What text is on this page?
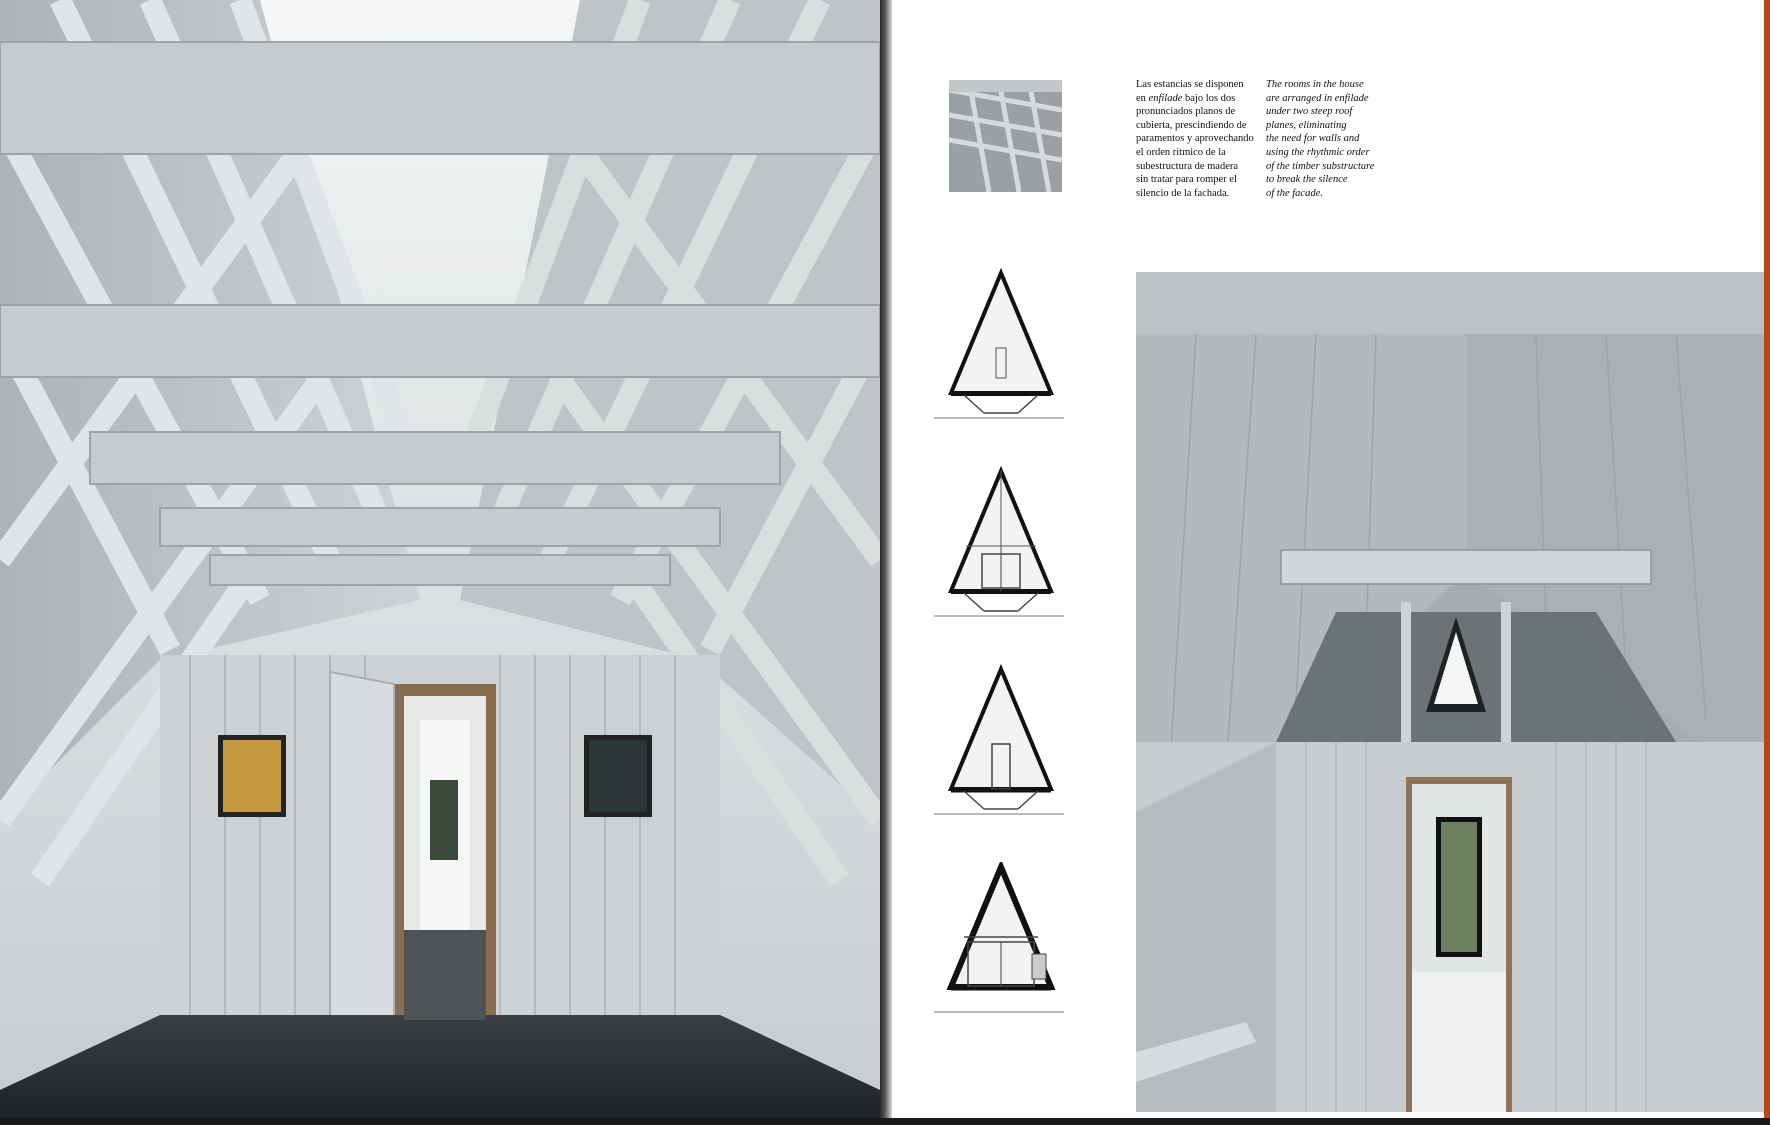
Las estancias se disponen
en enfilade bajo los dos
pronunciados planos de
cubierta, prescindiendo de
paramentos y aprovechando
el orden rítmico de la
subestructura de madera
sin tratar para romper el
silencio de la fachada.
The rooms in the house
are arranged in enfilade
under two steep roof
planes, eliminating
the need for walls and
using the rhythmic order
of the timber substructure
to break the silence
of the facade.
